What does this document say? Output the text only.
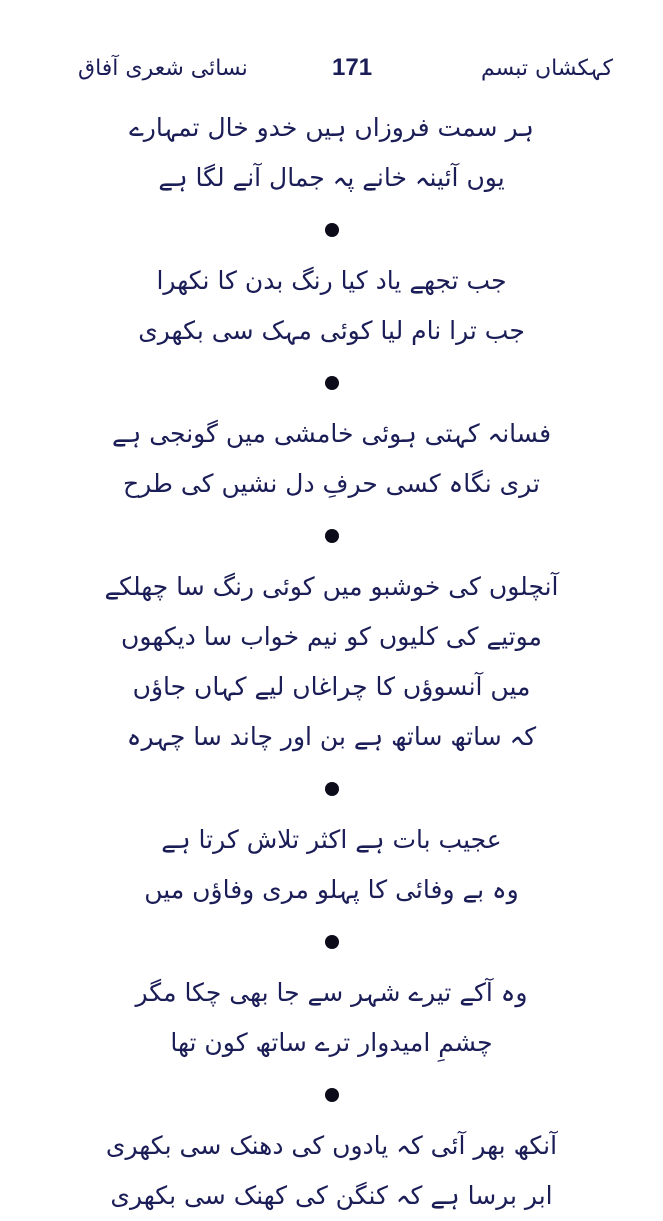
نسائی شعری آفاق	171	کہکشاں تبسم
ہر سمت فروزاں ہیں خدو خال تمہارے
یوں آئینہ خانے پہ جمال آنے لگا ہے
جب تجھے یاد کیا رنگ بدن کا نکھرا
جب ترا نام لیا کوئی مہک سی بکھری
فسانہ کہتی ہوئی خامشی میں گونجی ہے
تری نگاہ کسی حرفِ دل نشیں کی طرح
آنچلوں کی خوشبو میں کوئی رنگ سا چھلکے
موتیے کی کلیوں کو نیم خواب سا دیکھوں
میں آنسوؤں کا چراغاں لیے کہاں جاؤں
کہ ساتھ ساتھ ہے بن اور چاند سا چہرہ
عجیب بات ہے اکثر تلاش کرتا ہے
وہ بے وفائی کا پہلو مری وفاؤں میں
وہ آکے تیرے شہر سے جا بھی چکا مگر
چشمِ امیدوار ترے ساتھ کون تھا
آنکھ بھر آئی کہ یادوں کی دھنک سی بکھری
ابر برسا ہے کہ کنگن کی کھنک سی بکھری
